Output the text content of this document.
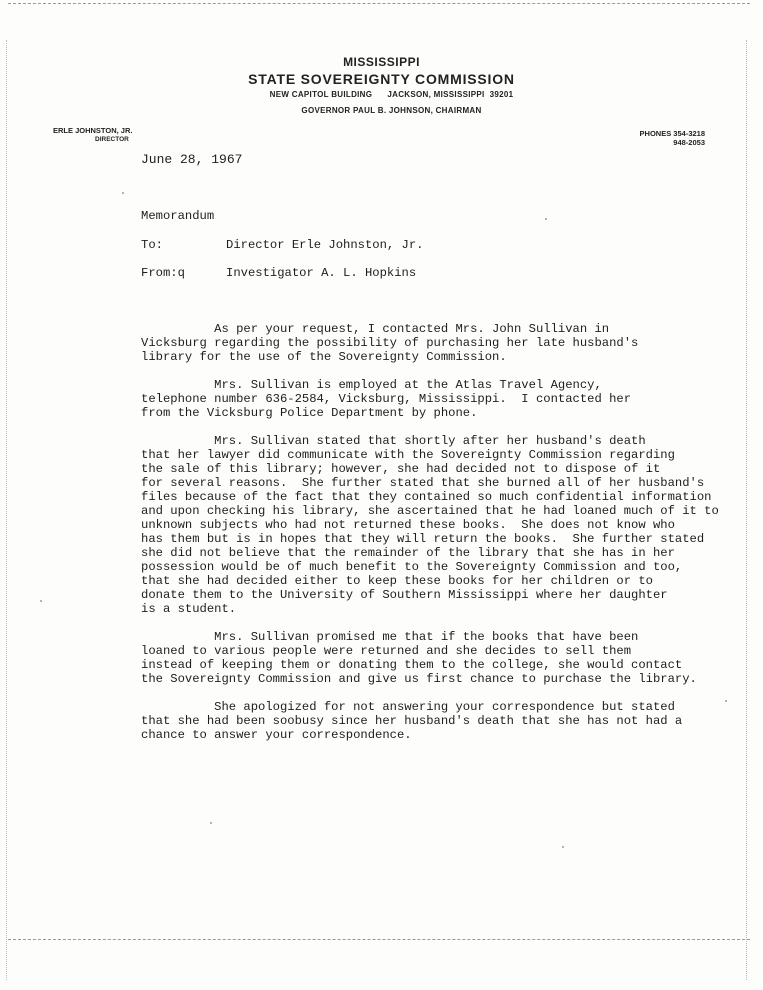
MISSISSIPPI
STATE SOVEREIGNTY COMMISSION
NEW CAPITOL BUILDING      JACKSON, MISSISSIPPI  39201
GOVERNOR PAUL B. JOHNSON, CHAIRMAN
ERLE JOHNSTON, JR.
DIRECTOR
PHONES 354-3218
948-2053
June 28, 1967
Memorandum
To:	Director Erle Johnston, Jr.
From:q	Investigator A. L. Hopkins

As per your request, I contacted Mrs. John Sullivan in
Vicksburg regarding the possibility of purchasing her late husband's
library for the use of the Sovereignty Commission.

Mrs. Sullivan is employed at the Atlas Travel Agency,
telephone number 636-2584, Vicksburg, Mississippi.  I contacted her
from the Vicksburg Police Department by phone.

Mrs. Sullivan stated that shortly after her husband's death
that her lawyer did communicate with the Sovereignty Commission regarding
the sale of this library; however, she had decided not to dispose of it
for several reasons.  She further stated that she burned all of her husband's
files because of the fact that they contained so much confidential information
and upon checking his library, she ascertained that he had loaned much of it to
unknown subjects who had not returned these books.  She does not know who
has them but is in hopes that they will return the books.  She further stated
she did not believe that the remainder of the library that she has in her
possession would be of much benefit to the Sovereignty Commission and too,
that she had decided either to keep these books for her children or to
donate them to the University of Southern Mississippi where her daughter
is a student.

Mrs. Sullivan promised me that if the books that have been
loaned to various people were returned and she decides to sell them
instead of keeping them or donating them to the college, she would contact
the Sovereignty Commission and give us first chance to purchase the library.

She apologized for not answering your correspondence but stated
that she had been soobusy since her husband's death that she has not had a
chance to answer your correspondence.
